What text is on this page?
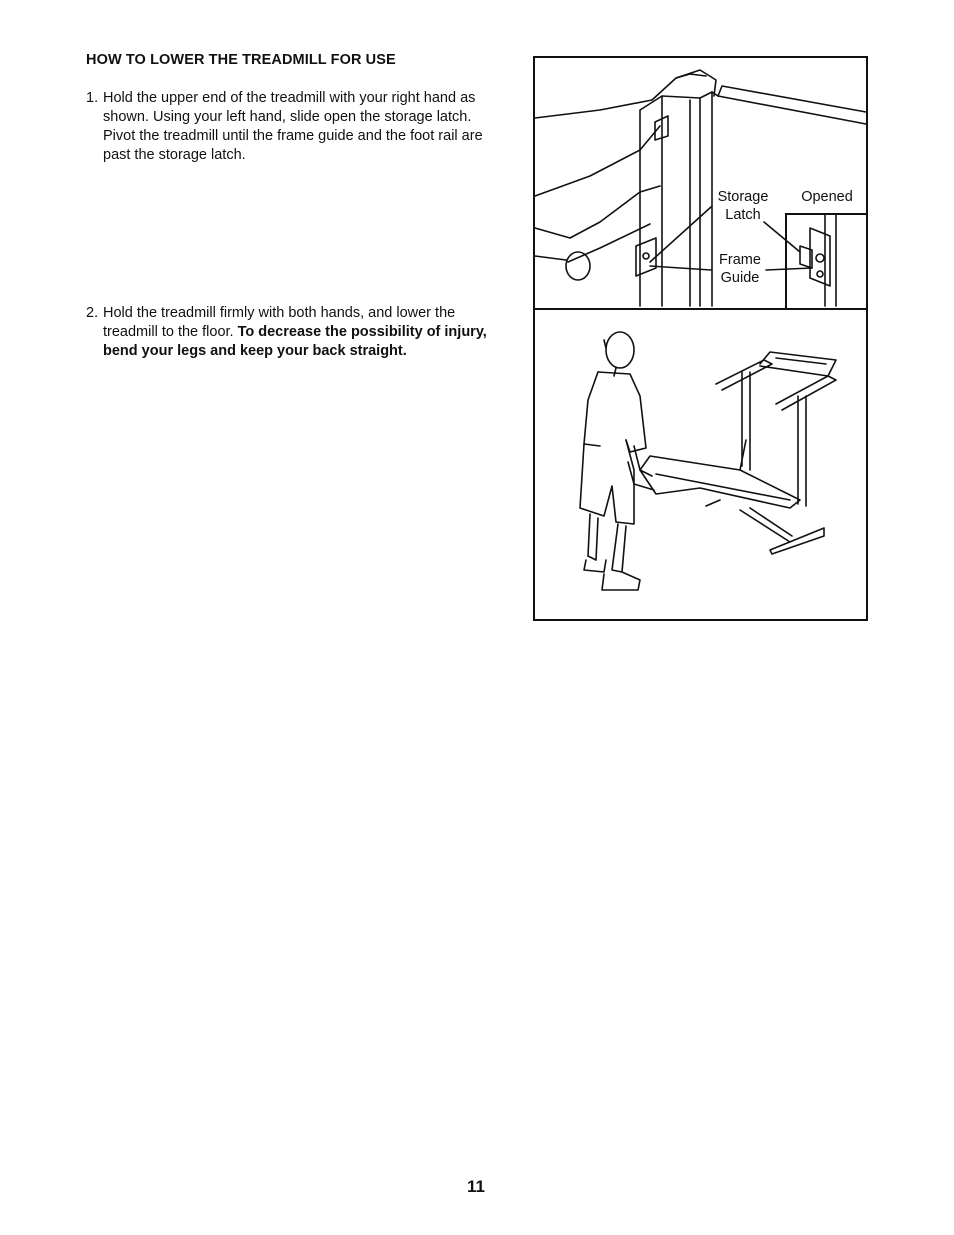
HOW TO LOWER THE TREADMILL FOR USE
1. Hold the upper end of the treadmill with your right hand as shown. Using your left hand, slide open the storage latch. Pivot the treadmill until the frame guide and the foot rail are past the storage latch.
2. Hold the treadmill firmly with both hands, and lower the treadmill to the floor. To decrease the possibility of injury, bend your legs and keep your back straight.
Storage Latch
Opened
Frame Guide
11
